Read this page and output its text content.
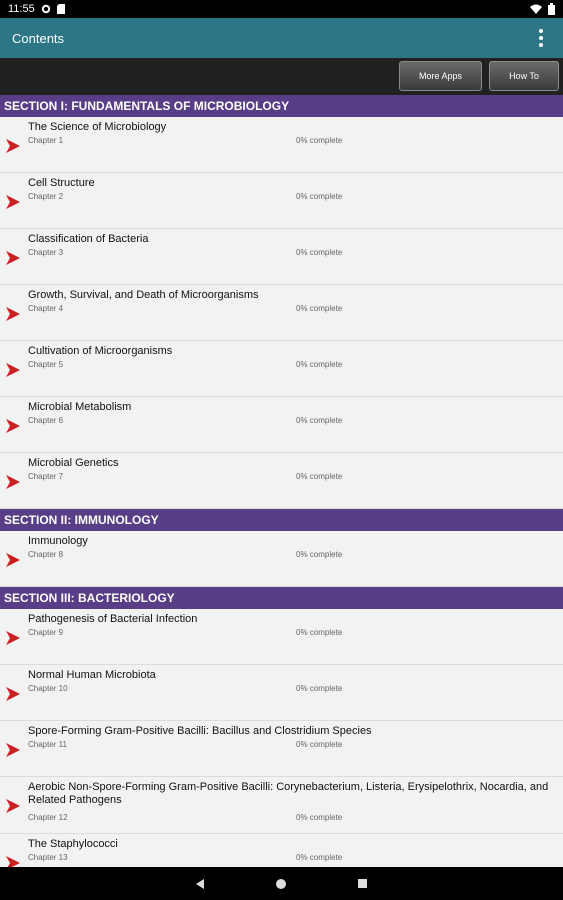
11:55
Contents
More Apps	How To
SECTION I: FUNDAMENTALS OF MICROBIOLOGY
The Science of Microbiology
Chapter 1	0% complete
Cell Structure
Chapter 2	0% complete
Classification of Bacteria
Chapter 3	0% complete
Growth, Survival, and Death of Microorganisms
Chapter 4	0% complete
Cultivation of Microorganisms
Chapter 5	0% complete
Microbial Metabolism
Chapter 6	0% complete
Microbial Genetics
Chapter 7	0% complete
SECTION II: IMMUNOLOGY
Immunology
Chapter 8	0% complete
SECTION III: BACTERIOLOGY
Pathogenesis of Bacterial Infection
Chapter 9	0% complete
Normal Human Microbiota
Chapter 10	0% complete
Spore-Forming Gram-Positive Bacilli: Bacillus and Clostridium Species
Chapter 11	0% complete
Aerobic Non-Spore-Forming Gram-Positive Bacilli: Corynebacterium, Listeria, Erysipelothrix, Nocardia, and Related Pathogens
Chapter 12	0% complete
The Staphylococci
Chapter 13	0% complete
